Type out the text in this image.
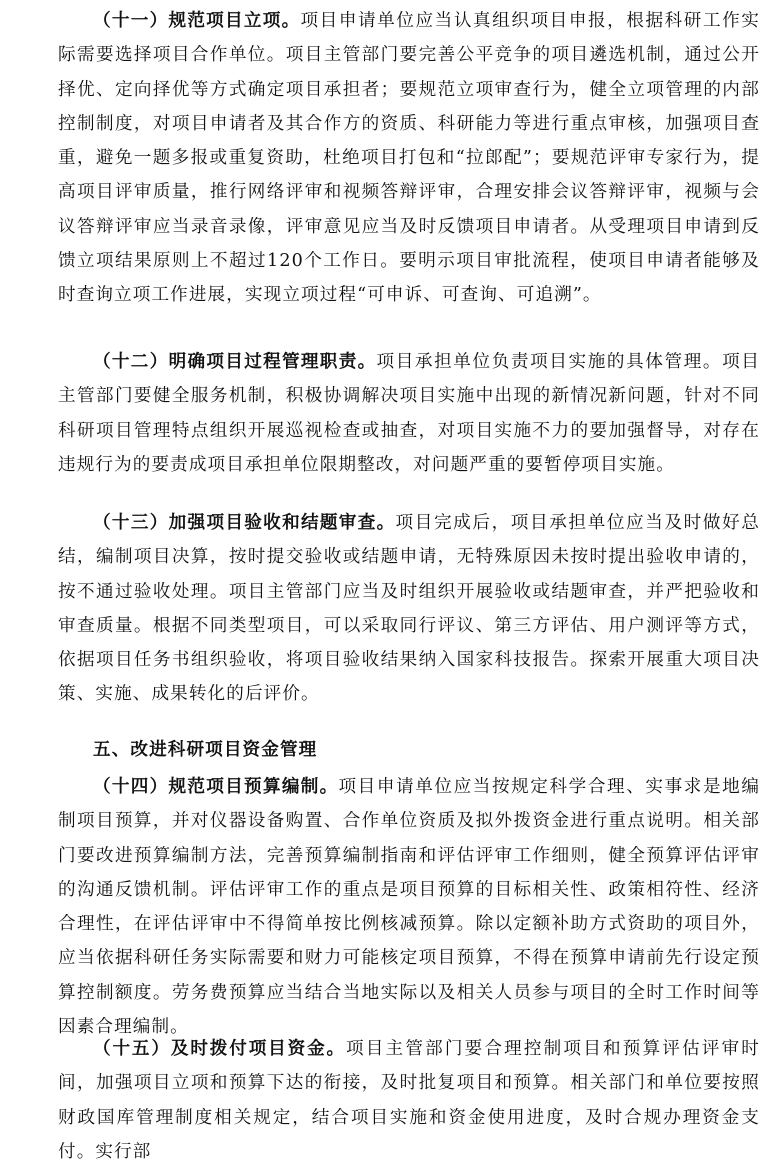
（十一）规范项目立项。项目申请单位应当认真组织项目申报，根据科研工作实际需要选择项目合作单位。项目主管部门要完善公平竞争的项目遴选机制，通过公开择优、定向择优等方式确定项目承担者；要规范立项审查行为，健全立项管理的内部控制制度，对项目申请者及其合作方的资质、科研能力等进行重点审核，加强项目查重，避免一题多报或重复资助，杜绝项目打包和“拉郎配”；要规范评审专家行为，提高项目评审质量，推行网络评审和视频答辩评审，合理安排会议答辩评审，视频与会议答辩评审应当录音录像，评审意见应当及时反馈项目申请者。从受理项目申请到反馈立项结果原则上不超过120个工作日。要明示项目审批流程，使项目申请者能够及时查询立项工作进展，实现立项过程“可申诉、可查询、可追溯”。

（十二）明确项目过程管理职责。项目承担单位负责项目实施的具体管理。项目主管部门要健全服务机制，积极协调解决项目实施中出现的新情况新问题，针对不同科研项目管理特点组织开展巡视检查或抽查，对项目实施不力的要加强督导，对存在违规行为的要责成项目承担单位限期整改，对问题严重的要暂停项目实施。

（十三）加强项目验收和结题审查。项目完成后，项目承担单位应当及时做好总结，编制项目决算，按时提交验收或结题申请，无特殊原因未按时提出验收申请的，按不通过验收处理。项目主管部门应当及时组织开展验收或结题审查，并严把验收和审查质量。根据不同类型项目，可以采取同行评议、第三方评估、用户测评等方式，依据项目任务书组织验收，将项目验收结果纳入国家科技报告。探索开展重大项目决策、实施、成果转化的后评价。

五、改进科研项目资金管理

（十四）规范项目预算编制。项目申请单位应当按规定科学合理、实事求是地编制项目预算，并对仪器设备购置、合作单位资质及拟外拨资金进行重点说明。相关部门要改进预算编制方法，完善预算编制指南和评估评审工作细则，健全预算评估评审的沟通反馈机制。评估评审工作的重点是项目预算的目标相关性、政策相符性、经济合理性，在评估评审中不得简单按比例核减预算。除以定额补助方式资助的项目外，应当依据科研任务实际需要和财力可能核定项目预算，不得在预算申请前先行设定预算控制额度。劳务费预算应当结合当地实际以及相关人员参与项目的全时工作时间等因素合理编制。

（十五）及时拨付项目资金。项目主管部门要合理控制项目和预算评估评审时间，加强项目立项和预算下达的衔接，及时批复项目和预算。相关部门和单位要按照财政国库管理制度相关规定，结合项目实施和资金使用进度，及时合规办理资金支付。实行部
